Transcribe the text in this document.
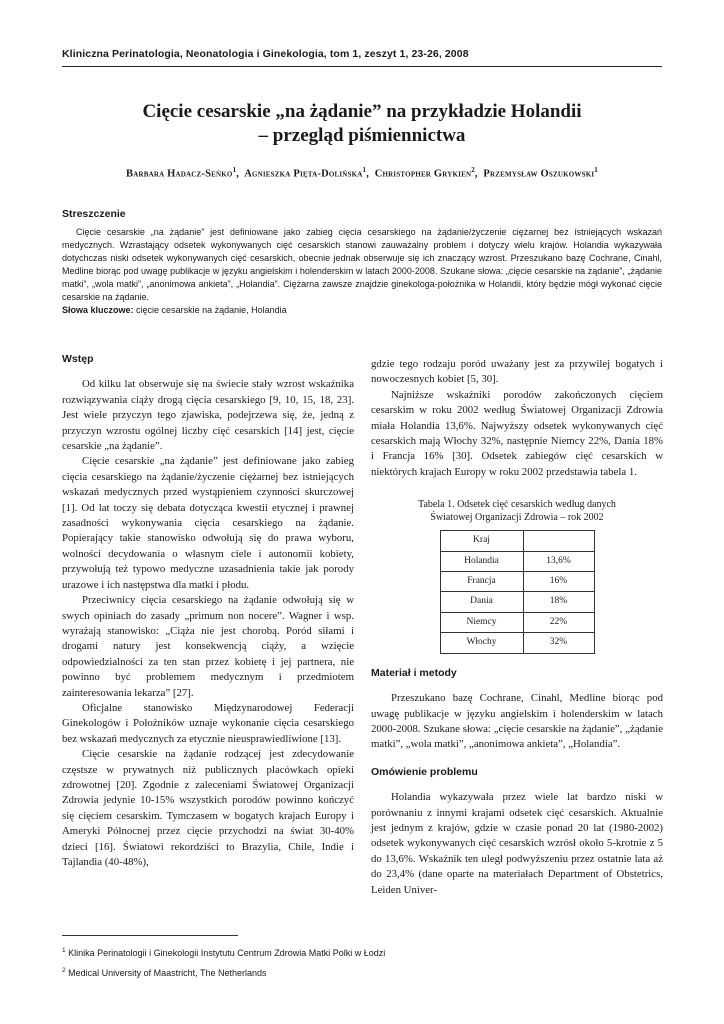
Kliniczna Perinatologia, Neonatologia i Ginekologia, tom 1, zeszyt 1, 23-26, 2008
Cięcie cesarskie „na żądanie” na przykładzie Holandii
– przegląd piśmiennictwa
Barbara Hadacz-Seńko$^1$,  Agnieszka Pięta-Dolińska$^1$,  Christopher Grykien$^2$,  Przemysław Oszukowski$^1$
Streszczenie

Cięcie cesarskie „na żądanie” jest definiowane jako zabieg cięcia cesarskiego na żądanie/życzenie ciężarnej bez istniejących wskazań medycznych. Wzrastający odsetek wykonywanych cięć cesarskich stanowi zauważalny problem i dotyczy wielu krajów. Holandia wykazywała dotychczas niski odsetek wykonywanych cięć cesarskich, obecnie jednak obserwuje się ich znaczący wzrost. Przeszukano bazę Cochrane, Cinahl, Medline biorąc pod uwagę publikacje w języku angielskim i holenderskim w latach 2000-2008. Szukane słowa: „cięcie cesarskie na żądanie”, „żądanie matki”, „wola matki”, „anonimowa ankieta”, „Holandia”. Ciężarna zawsze znajdzie ginekologa-położnika w Holandii, który będzie mógł wykonać cięcie cesarskie na żądanie.

Słowa kluczowe: cięcie cesarskie na żądanie, Holandia

Wstęp

Od kilku lat obserwuje się na świecie stały wzrost wskaźnika rozwiązywania ciąży drogą cięcia cesarskiego [9, 10, 15, 18, 23]. Jest wiele przyczyn tego zjawiska, podejrzewa się, że, jedną z przyczyn wzrostu ogólnej liczby cięć cesarskich [14] jest, cięcie cesarskie „na żądanie”.

Cięcie cesarskie „na żądanie” jest definiowane jako zabieg cięcia cesarskiego na żądanie/życzenie ciężarnej bez istniejących wskazań medycznych przed wystąpieniem czynności skurczowej [1]. Od lat toczy się debata dotycząca kwestii etycznej i prawnej zasadności wykonywania cięcia cesarskiego na żądanie. Popierający takie stanowisko odwołują się do prawa wyboru, wolności decydowania o własnym ciele i autonomii kobiety, przywołują też typowo medyczne uzasadnienia takie jak porody urazowe i ich następstwa dla matki i płodu.

Przeciwnicy cięcia cesarskiego na żądanie odwołują się w swych opiniach do zasady „primum non nocere”. Wagner i wsp. wyrażają stanowisko: „Ciąża nie jest chorobą. Poród siłami i drogami natury jest konsekwencją ciąży, a wzięcie odpowiedzialności za ten stan przez kobietę i jej partnera, nie powinno być problemem medycznym i przedmiotem zainteresowania lekarza” [27].

Oficjalne stanowisko Międzynarodowej Federacji Ginekologów i Położników uznaje wykonanie cięcia cesarskiego bez wskazań medycznych za etycznie nieusprawiedliwione [13].

Cięcie cesarskie na żądanie rodzącej jest zdecydowanie częstsze w prywatnych niż publicznych placówkach opieki zdrowotnej [20]. Zgodnie z zaleceniami Światowej Organizacji Zdrowia jedynie 10-15% wszystkich porodów powinno kończyć się cięciem cesarskim. Tymczasem w bogatych krajach Europy i Ameryki Północnej przez cięcie przychodzi na świat 30-40% dzieci [16]. Światowi rekordziści to Brazylia, Chile, Indie i Tajlandia (40-48%),

gdzie tego rodzaju poród uważany jest za przywilej bogatych i nowoczesnych kobiet [5, 30].

Najniższe wskaźniki porodów zakończonych cięciem cesarskim w roku 2002 według Światowej Organizacji Zdrowia miała Holandia 13,6%. Najwyższy odsetek wykonywanych cięć cesarskich mają Włochy 32%, następnie Niemcy 22%, Dania 18% i Francja 16% [30]. Odsetek zabiegów cięć cesarskich w niektórych krajach Europy w roku 2002 przedstawia tabela 1.

Tabela 1. Odsetek cięć cesarskich według danych
Światowej Organizacji Zdrowia – rok 2002
Kraj	
Holandia	13,6%
Francja	16%
Dania	18%
Niemcy	22%
Włochy	32%
Materiał i metody

Przeszukano bazę Cochrane, Cinahl, Medline biorąc pod uwagę publikacje w języku angielskim i holenderskim w latach 2000-2008. Szukane słowa: „cięcie cesarskie na żądanie”, „żądanie matki”, „wola matki”, „anonimowa ankieta”, „Holandia”.

Omówienie problemu

Holandia wykazywała przez wiele lat bardzo niski w porównaniu z innymi krajami odsetek cięć cesarskich. Aktualnie jest jednym z krajów, gdzie w czasie ponad 20 lat (1980-2002) odsetek wykonywanych cięć cesarskich wzrósł około 5-krotnie z 5 do 13,6%. Wskaźnik ten uległ podwyższeniu przez ostatnie lata aż do 23,4% (dane oparte na materiałach Department of Obstetrics, Leiden Univer-

$^1$ Klinika Perinatologii i Ginekologii Instytutu Centrum Zdrowia Matki Polki w Łodzi
$^2$ Medical University of Maastricht, The Netherlands
